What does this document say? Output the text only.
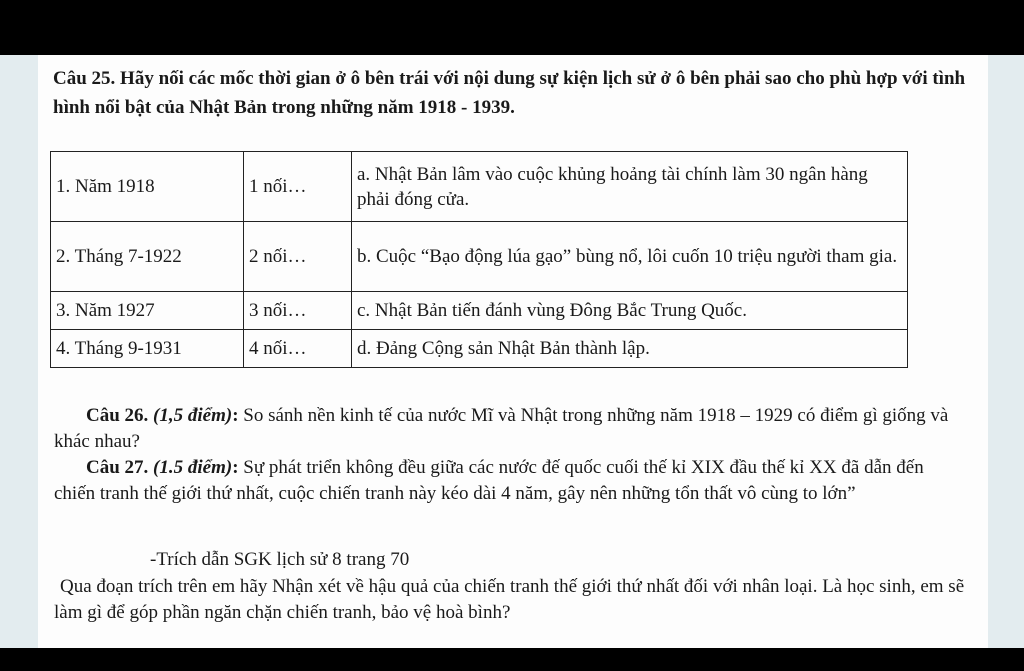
Câu 25. Hãy nối các mốc thời gian ở ô bên trái với nội dung sự kiện lịch sử ở ô bên phải sao cho phù hợp với tình hình nổi bật của Nhật Bản trong những năm 1918 - 1939.

1. Năm 1918	1 nối…	a. Nhật Bản lâm vào cuộc khủng hoảng tài chính làm 30 ngân hàng phải đóng cửa.
2. Tháng 7-1922	2 nối…	b. Cuộc “Bạo động lúa gạo” bùng nổ, lôi cuốn 10 triệu người tham gia.
3. Năm 1927	3 nối…	c. Nhật Bản tiến đánh vùng Đông Bắc Trung Quốc.
4. Tháng 9-1931	4 nối…	d. Đảng Cộng sản Nhật Bản thành lập.

Câu 26. (1,5 điểm): So sánh nền kinh tế của nước Mĩ và Nhật trong những năm 1918 – 1929 có điểm gì giống và khác nhau?

Câu 27. (1.5 điểm): Sự phát triển không đều giữa các nước đế quốc cuối thế kỉ XIX đầu thế kỉ XX đã dẫn đến chiến tranh thế giới thứ nhất, cuộc chiến tranh này kéo dài 4 năm, gây nên những tổn thất vô cùng to lớn”

-Trích dẫn SGK lịch sử 8 trang 70

Qua đoạn trích trên em hãy Nhận xét về hậu quả của chiến tranh thế giới thứ nhất đối với nhân loại. Là học sinh, em sẽ làm gì để góp phần ngăn chặn chiến tranh, bảo vệ hoà bình?
